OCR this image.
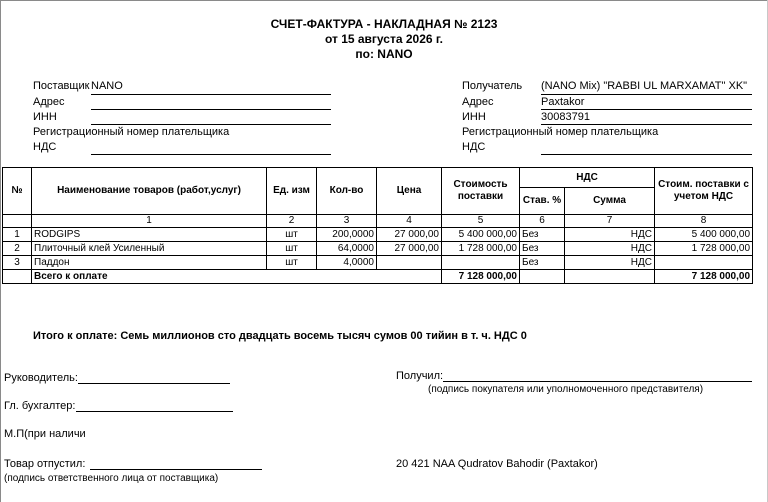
СЧЕТ-ФАКТУРА - НАКЛАДНАЯ № 2123
от 15 августа 2026 г.
по: NANO
Поставщик NANO
Адрес
ИНН
Регистрационный номер плательщика
НДС
Получатель (NANO Mix) "RABBI UL MARXAMAT" XK"
Адрес	Paxtakor
ИНН	30083791
Регистрационный номер плательщика
НДС
№	Наименование товаров (работ,услуг)	Ед. изм	Кол-во	Цена	Стоимость поставки	НДС		Стоим. поставки с учетом НДС
						Став. %	Сумма	
	1	2	3	4	5	6	7	8
1	RODGIPS	шт	200,0000	27 000,00	5 400 000,00	Без	НДС	5 400 000,00
2	Плиточный клей Усиленный	шт	64,0000	27 000,00	1 728 000,00	Без	НДС	1 728 000,00
3	Паддон	шт	4,0000			Без	НДС	
	Всего к оплате				7 128 000,00			7 128 000,00
Итого к оплате: Семь миллионов сто двадцать восемь тысяч сумов 00 тийин в т. ч. НДС 0
Руководитель:
Гл. бухгалтер:
М.П(при наличи
Товар отпустил:
(подпись ответственного лица от поставщика)
Получил:
(подпись покупателя или уполномоченного представителя)
20 421 NAA Qudratov Bahodir (Paxtakor)
